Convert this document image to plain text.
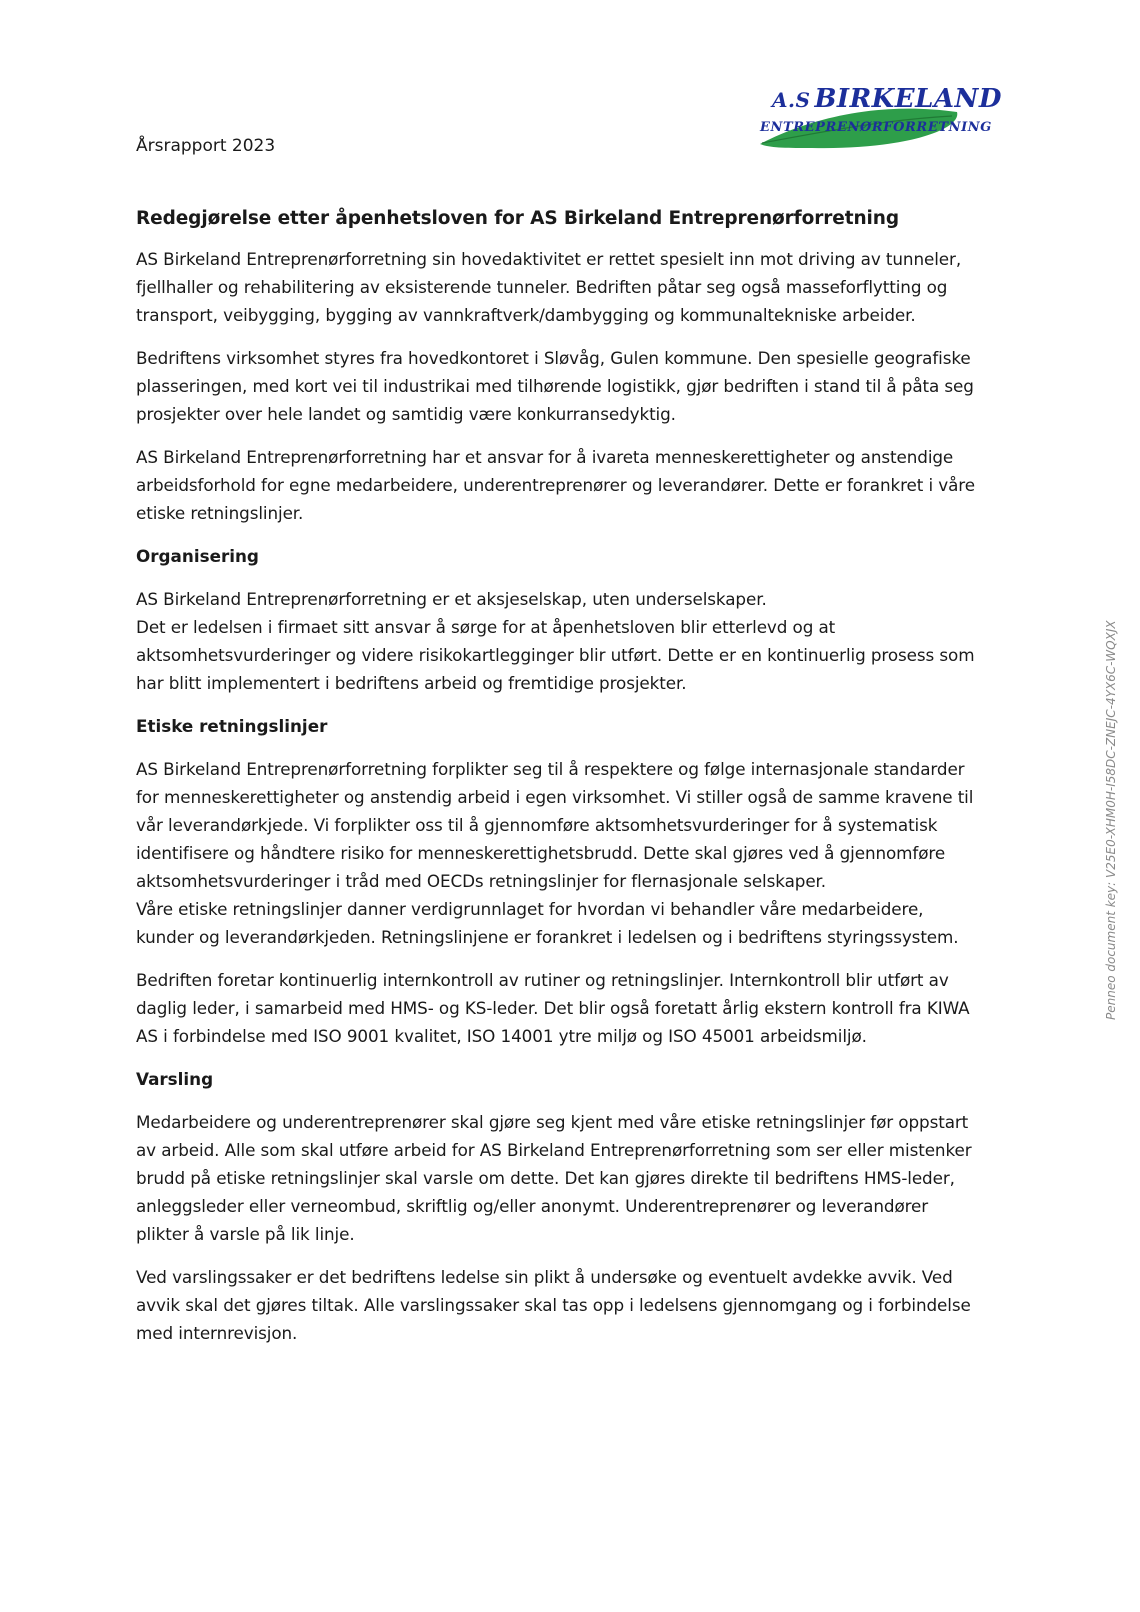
A.S BIRKELAND
ENTREPRENØRFORRETNING
Årsrapport 2023
Redegjørelse etter åpenhetsloven for AS Birkeland Entreprenørforretning
AS Birkeland Entreprenørforretning sin hovedaktivitet er rettet spesielt inn mot driving av tunneler,
fjellhaller og rehabilitering av eksisterende tunneler. Bedriften påtar seg også masseforflytting og
transport, veibygging, bygging av vannkraftverk/dambygging og kommunaltekniske arbeider.
Bedriftens virksomhet styres fra hovedkontoret i Sløvåg, Gulen kommune. Den spesielle geografiske
plasseringen, med kort vei til industrikai med tilhørende logistikk, gjør bedriften i stand til å påta seg
prosjekter over hele landet og samtidig være konkurransedyktig.
AS Birkeland Entreprenørforretning har et ansvar for å ivareta menneskerettigheter og anstendige
arbeidsforhold for egne medarbeidere, underentreprenører og leverandører. Dette er forankret i våre
etiske retningslinjer.
Organisering
AS Birkeland Entreprenørforretning er et aksjeselskap, uten underselskaper.
Det er ledelsen i firmaet sitt ansvar å sørge for at åpenhetsloven blir etterlevd og at
aktsomhetsvurderinger og videre risikokartlegginger blir utført. Dette er en kontinuerlig prosess som
har blitt implementert i bedriftens arbeid og fremtidige prosjekter.
Etiske retningslinjer
AS Birkeland Entreprenørforretning forplikter seg til å respektere og følge internasjonale standarder
for menneskerettigheter og anstendig arbeid i egen virksomhet. Vi stiller også de samme kravene til
vår leverandørkjede. Vi forplikter oss til å gjennomføre aktsomhetsvurderinger for å systematisk
identifisere og håndtere risiko for menneskerettighetsbrudd. Dette skal gjøres ved å gjennomføre
aktsomhetsvurderinger i tråd med OECDs retningslinjer for flernasjonale selskaper.
Våre etiske retningslinjer danner verdigrunnlaget for hvordan vi behandler våre medarbeidere,
kunder og leverandørkjeden. Retningslinjene er forankret i ledelsen og i bedriftens styringssystem.
Bedriften foretar kontinuerlig internkontroll av rutiner og retningslinjer. Internkontroll blir utført av
daglig leder, i samarbeid med HMS- og KS-leder. Det blir også foretatt årlig ekstern kontroll fra KIWA
AS i forbindelse med ISO 9001 kvalitet, ISO 14001 ytre miljø og ISO 45001 arbeidsmiljø.
Varsling
Medarbeidere og underentreprenører skal gjøre seg kjent med våre etiske retningslinjer før oppstart
av arbeid. Alle som skal utføre arbeid for AS Birkeland Entreprenørforretning som ser eller mistenker
brudd på etiske retningslinjer skal varsle om dette. Det kan gjøres direkte til bedriftens HMS-leder,
anleggsleder eller verneombud, skriftlig og/eller anonymt. Underentreprenører og leverandører
plikter å varsle på lik linje.
Ved varslingssaker er det bedriftens ledelse sin plikt å undersøke og eventuelt avdekke avvik. Ved
avvik skal det gjøres tiltak. Alle varslingssaker skal tas opp i ledelsens gjennomgang og i forbindelse
med internrevisjon.
Penneo document key: V25E0-XHM0H-I58DC-ZNEJC-4YX6C-WQXJX
